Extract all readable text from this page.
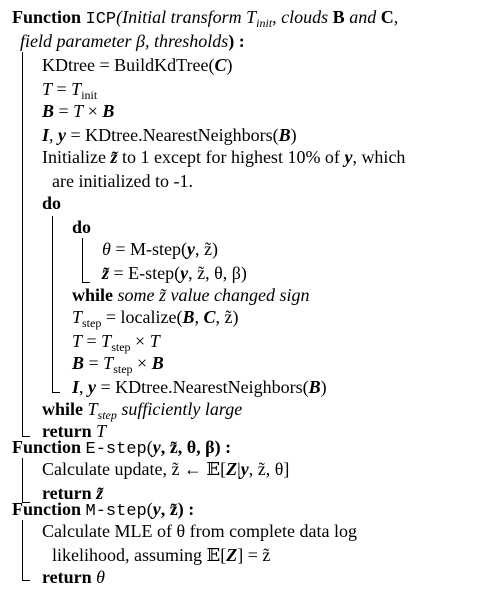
Function ICP(Initial transform $T_{init}$, clouds B and C,
field parameter β, thresholds) :
KDtree = BuildKdTree(C)
$T = T_{init}$
B = T × B
I, y = KDtree.NearestNeighbors(B)
Initialize z̃ to 1 except for highest 10% of y, which
are initialized to -1.
do
do
θ = M-step(y, z̃)
z̃ = E-step(y, z̃, θ, β)
while some z̃ value changed sign
$T_{step}$ = localize(B, C, z̃)
$T = T_{step} \times T$
$B = T_{step} \times B$
I, y = KDtree.NearestNeighbors(B)
while $T_{step}$ sufficiently large
return T
Function E-step(y, z̃, θ, β) :
Calculate update, z̃ ← 𝔼[Z|y, z̃, θ]
return z̃
Function M-step(y, z̃) :
Calculate MLE of θ from complete data log
likelihood, assuming 𝔼[Z] = z̃
return θ
